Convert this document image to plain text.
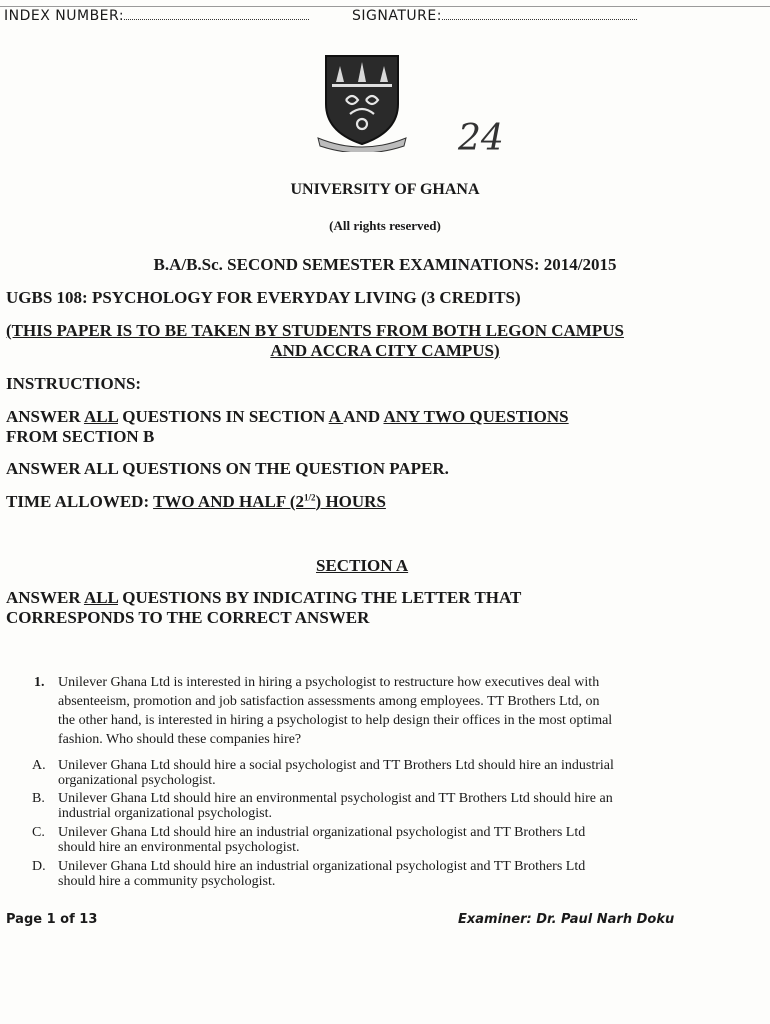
INDEX NUMBER:	SIGNATURE:
24
UNIVERSITY OF GHANA
(All rights reserved)
B.A/B.Sc. SECOND SEMESTER EXAMINATIONS: 2014/2015
UGBS 108: PSYCHOLOGY FOR EVERYDAY LIVING (3 CREDITS)
(THIS PAPER IS TO BE TAKEN BY STUDENTS FROM BOTH LEGON CAMPUS
AND ACCRA CITY CAMPUS)
INSTRUCTIONS:
ANSWER ALL QUESTIONS IN SECTION A AND ANY TWO QUESTIONS
FROM SECTION B
ANSWER ALL QUESTIONS ON THE QUESTION PAPER.
TIME ALLOWED: TWO AND HALF $(2^{1/2})$ HOURS
SECTION A
ANSWER ALL QUESTIONS BY INDICATING THE LETTER THAT
CORRESPONDS TO THE CORRECT ANSWER
1. Unilever Ghana Ltd is interested in hiring a psychologist to restructure how executives deal with
absenteeism, promotion and job satisfaction assessments among employees. TT Brothers Ltd, on
the other hand, is interested in hiring a psychologist to help design their offices in the most optimal
fashion. Who should these companies hire?
A. Unilever Ghana Ltd should hire a social psychologist and TT Brothers Ltd should hire an industrial
organizational psychologist.
B. Unilever Ghana Ltd should hire an environmental psychologist and TT Brothers Ltd should hire an
industrial organizational psychologist.
C. Unilever Ghana Ltd should hire an industrial organizational psychologist and TT Brothers Ltd
should hire an environmental psychologist.
D. Unilever Ghana Ltd should hire an industrial organizational psychologist and TT Brothers Ltd
should hire a community psychologist.
Page 1 of 13	Examiner: Dr. Paul Narh Doku
